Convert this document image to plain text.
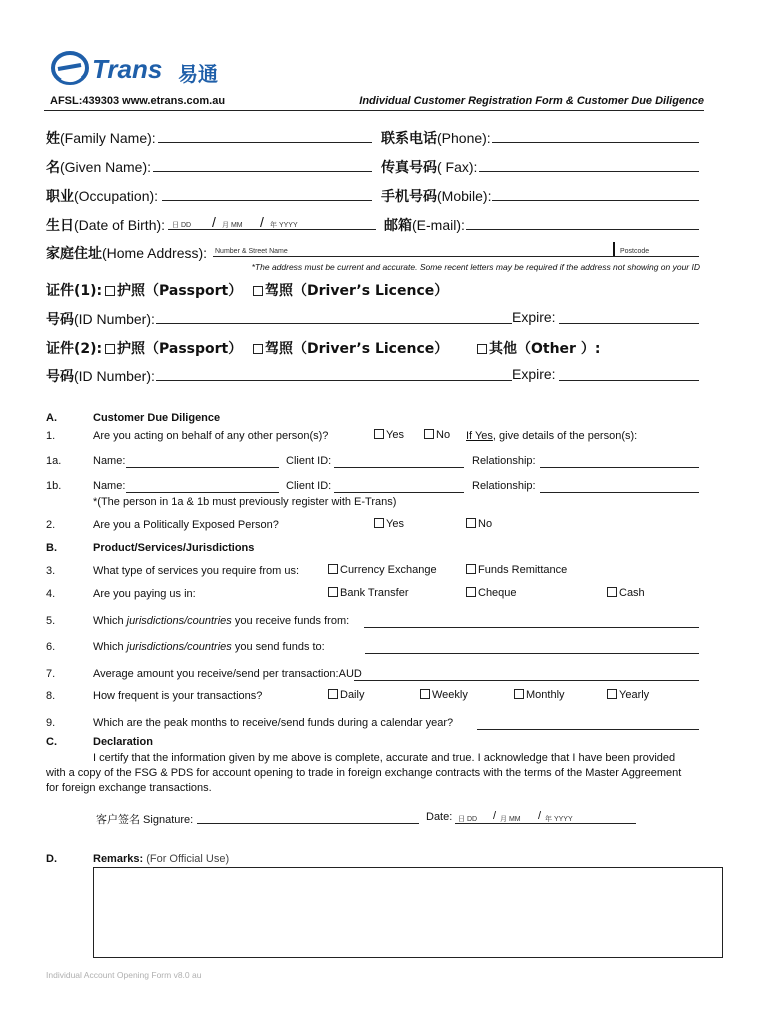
Trans 易通
AFSL:439303 www.etrans.com.au	Individual Customer Registration Form & Customer Due Diligence
姓(Family Name):	联系电话(Phone):
名(Given Name):	传真号码( Fax):
职业(Occupation):	手机号码(Mobile):
生日(Date of Birth): 日 DD / 月 MM / 年 YYYY	邮箱(E-mail):
家庭住址(Home Address): Number & Street Name	Postcode
*The address must be current and accurate. Some recent letters may be required if the address not showing on your ID
证件(1):	护照（Passport）	驾照（Driver’s Licence）
号码(ID Number):	Expire:
证件(2):	护照（Passport）	驾照（Driver’s Licence）	其他（Other ）:
号码(ID Number):	Expire:
A.	Customer Due Diligence
1.	Are you acting on behalf of any other person(s)?	Yes	No If Yes, give details of the person(s):
1a.	Name:	Client ID:	Relationship:
1b.	Name:	Client ID:	Relationship:
*(The person in 1a & 1b must previously register with E-Trans)
2.	Are you a Politically Exposed Person?	Yes	No
B.	Product/Services/Jurisdictions
3.	What type of services you require from us:	Currency Exchange	Funds Remittance
4.	Are you paying us in:	Bank Transfer	Cheque	Cash
5.	Which jurisdictions/countries you receive funds from:
6.	Which jurisdictions/countries you send funds to:
7.	Average amount you receive/send per transaction:AUD
8.	How frequent is your transactions?	Daily	Weekly	Monthly	Yearly
9.	Which are the peak months to receive/send funds during a calendar year?
C.	Declaration
I certify that the information given by me above is complete, accurate and true. I acknowledge that I have been provided
with a copy of the FSG & PDS for account opening to trade in foreign exchange contracts with the terms of the Master Aggreement
for foreign exchange transactions.
客户签名 Signature:	Date: 日 DD / 月 MM / 年 YYYY
D.	Remarks: (For Official Use)
Individual Account Opening Form v8.0 au
